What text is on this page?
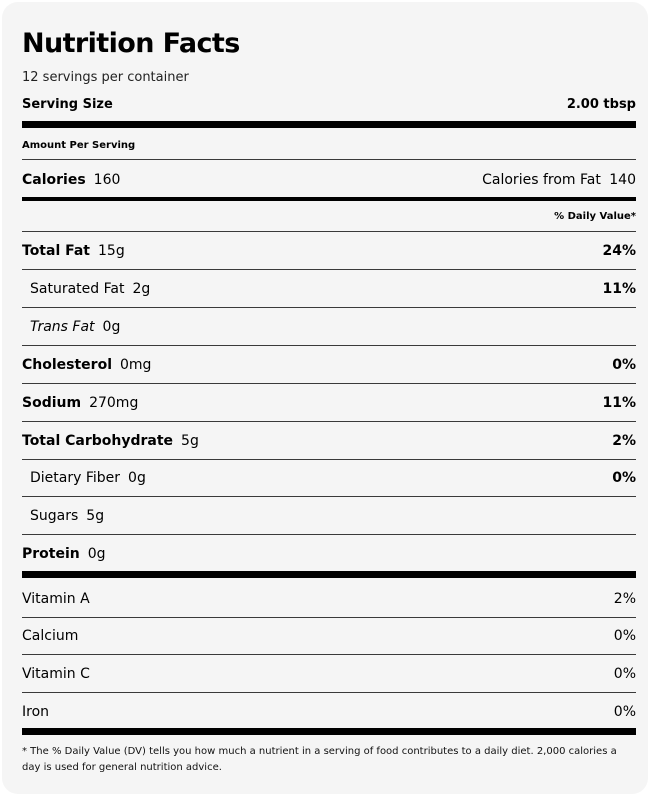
Nutrition Facts
12 servings per container
Serving Size	2.00 tbsp
Amount Per Serving
Calories 160	Calories from Fat 140
% Daily Value*
Total Fat 15g	24%
Saturated Fat 2g	11%
Trans Fat 0g
Cholesterol 0mg	0%
Sodium 270mg	11%
Total Carbohydrate 5g	2%
Dietary Fiber 0g	0%
Sugars 5g
Protein 0g
Vitamin A	2%
Calcium	0%
Vitamin C	0%
Iron	0%
* The % Daily Value (DV) tells you how much a nutrient in a serving of food contributes to a daily diet. 2,000 calories a day is used for general nutrition advice.
